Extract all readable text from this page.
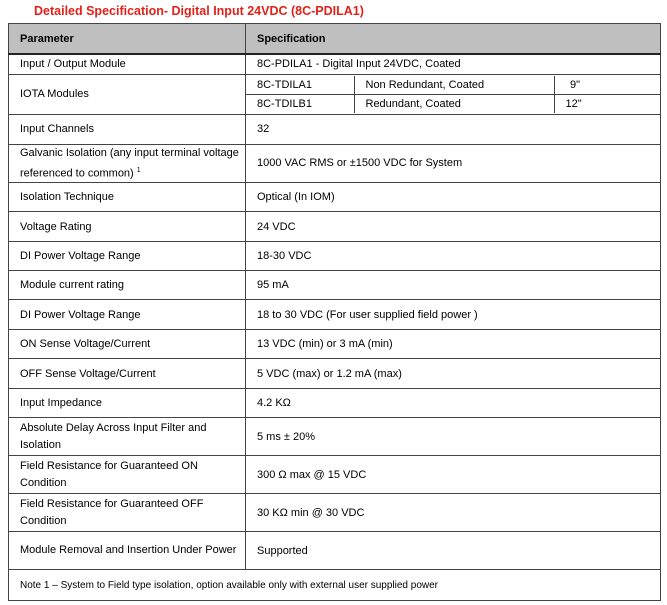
Detailed Specification- Digital Input 24VDC (8C-PDILA1)
Parameter	Specification
Input / Output Module	8C-PDILA1 - Digital Input 24VDC, Coated
IOTA Modules	
8C-TDILA1	Non Redundant, Coated	9"
8C-TDILB1	Redundant, Coated	12"

Input Channels	32
Galvanic Isolation (any input terminal voltage referenced to common) $^1$	1000 VAC RMS or ±1500 VDC for System
Isolation Technique	Optical (In IOM)
Voltage Rating	24 VDC
DI Power Voltage Range	18-30 VDC
Module current rating	95 mA
DI Power Voltage Range	18 to 30 VDC (For user supplied field power )
ON Sense Voltage/Current	13 VDC (min) or 3 mA (min)
OFF Sense Voltage/Current	5 VDC (max) or 1.2 mA (max)
Input Impedance	4.2 KΩ
Absolute Delay Across Input Filter and Isolation	5 ms ± 20%
Field Resistance for Guaranteed ON Condition	300 Ω max @ 15 VDC
Field Resistance for Guaranteed OFF Condition	30 KΩ min @ 30 VDC
Module Removal and Insertion Under Power	Supported
Note 1 – System to Field type isolation, option available only with external user supplied power
